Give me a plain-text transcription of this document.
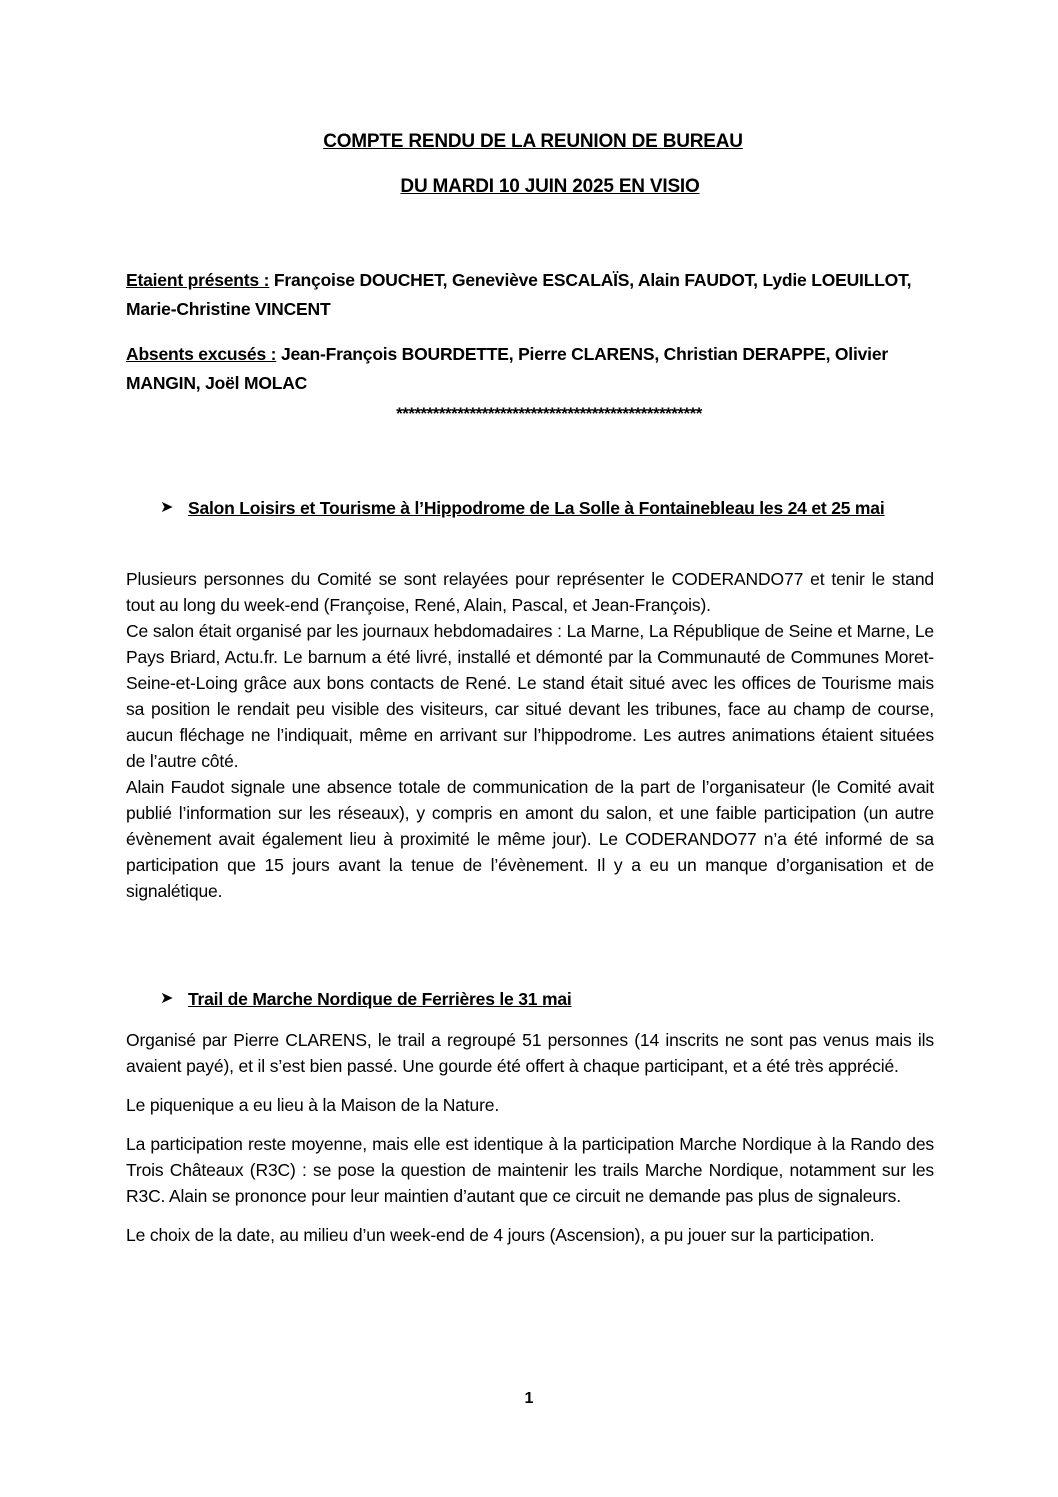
COMPTE RENDU DE LA REUNION DE BUREAU
DU MARDI 10 JUIN 2025 EN VISIO
Etaient présents : Françoise DOUCHET, Geneviève ESCALAÏS, Alain FAUDOT, Lydie LOEUILLOT, Marie-Christine VINCENT
Absents excusés : Jean-François BOURDETTE, Pierre CLARENS, Christian DERAPPE, Olivier MANGIN, Joël MOLAC
**************************************************
➤ Salon Loisirs et Tourisme à l’Hippodrome de La Solle à Fontainebleau les 24 et 25 mai

Plusieurs personnes du Comité se sont relayées pour représenter le CODERANDO77 et tenir le stand tout au long du week-end (Françoise, René, Alain, Pascal, et Jean-François).

Ce salon était organisé par les journaux hebdomadaires : La Marne, La République de Seine et Marne, Le Pays Briard, Actu.fr. Le barnum a été livré, installé et démonté par la Communauté de Communes Moret-Seine-et-Loing grâce aux bons contacts de René. Le stand était situé avec les offices de Tourisme mais sa position le rendait peu visible des visiteurs, car situé devant les tribunes, face au champ de course, aucun fléchage ne l’indiquait, même en arrivant sur l’hippodrome. Les autres animations étaient situées de l’autre côté.

Alain Faudot signale une absence totale de communication de la part de l’organisateur (le Comité avait publié l’information sur les réseaux), y compris en amont du salon, et une faible participation (un autre évènement avait également lieu à proximité le même jour). Le CODERANDO77 n’a été informé de sa participation que 15 jours avant la tenue de l’évènement. Il y a eu un manque d’organisation et de signalétique.

➤ Trail de Marche Nordique de Ferrières le 31 mai

Organisé par Pierre CLARENS, le trail a regroupé 51 personnes (14 inscrits ne sont pas venus mais ils avaient payé), et il s’est bien passé. Une gourde été offert à chaque participant, et a été très apprécié.

Le piquenique a eu lieu à la Maison de la Nature.

La participation reste moyenne, mais elle est identique à la participation Marche Nordique à la Rando des Trois Châteaux (R3C) : se pose la question de maintenir les trails Marche Nordique, notamment sur les R3C. Alain se prononce pour leur maintien d’autant que ce circuit ne demande pas plus de signaleurs.

Le choix de la date, au milieu d’un week-end de 4 jours (Ascension), a pu jouer sur la participation.

1
